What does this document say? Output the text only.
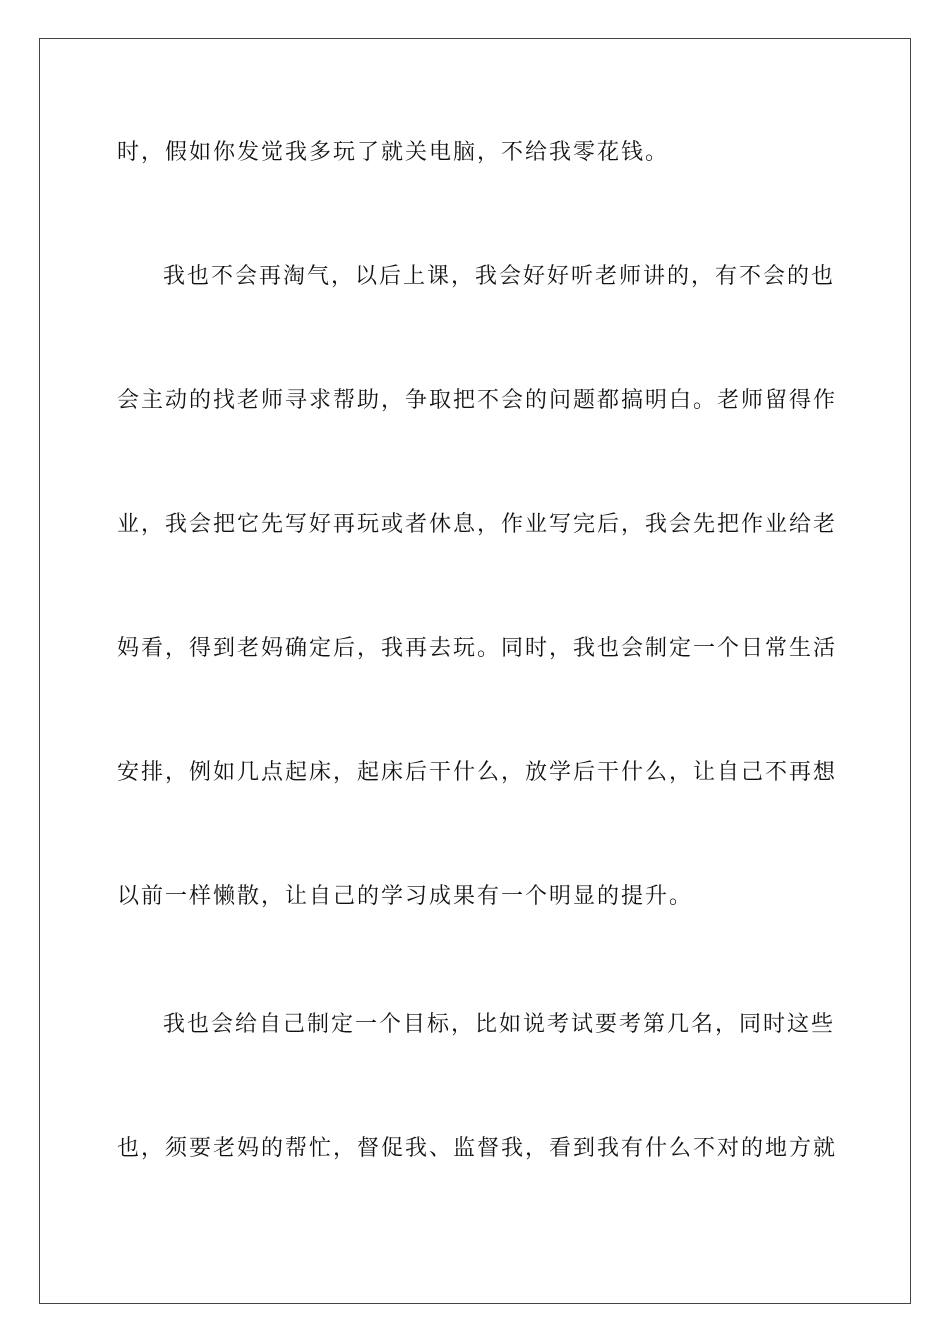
时，假如你发觉我多玩了就关电脑，不给我零花钱。
我也不会再淘气，以后上课，我会好好听老师讲的，有不会的也
会主动的找老师寻求帮助，争取把不会的问题都搞明白。老师留得作
业，我会把它先写好再玩或者休息，作业写完后，我会先把作业给老
妈看，得到老妈确定后，我再去玩。同时，我也会制定一个日常生活
安排，例如几点起床，起床后干什么，放学后干什么，让自己不再想
以前一样懒散，让自己的学习成果有一个明显的提升。
我也会给自己制定一个目标，比如说考试要考第几名，同时这些
也，须要老妈的帮忙，督促我、监督我，看到我有什么不对的地方就
